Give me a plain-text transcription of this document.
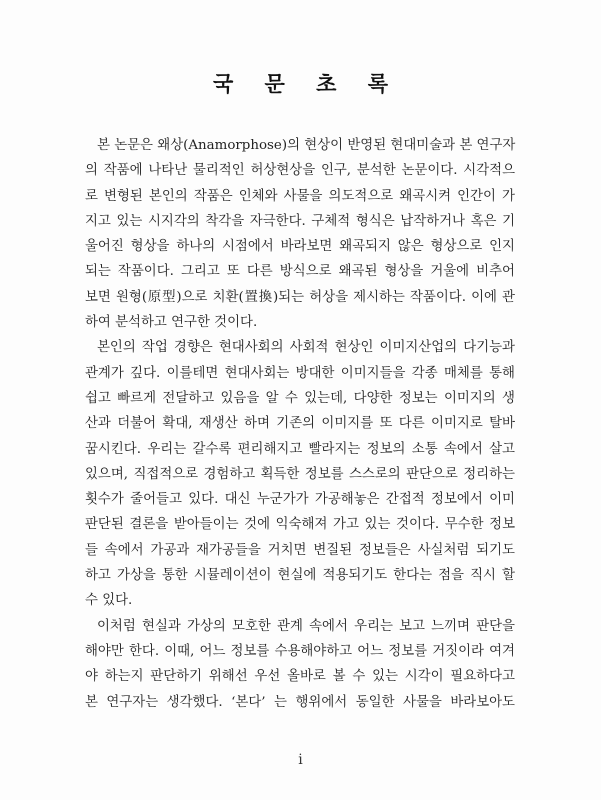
국 문 초 록
본 논문은 왜상(Anamorphose)의 현상이 반영된 현대미술과 본 연구자
의 작품에 나타난 물리적인 허상현상을 인구, 분석한 논문이다. 시각적으
로 변형된 본인의 작품은 인체와 사물을 의도적으로 왜곡시켜 인간이 가
지고 있는 시지각의 착각을 자극한다. 구체적 형식은 납작하거나 혹은 기
울어진 형상을 하나의 시점에서 바라보면 왜곡되지 않은 형상으로 인지
되는 작품이다. 그리고 또 다른 방식으로 왜곡된 형상을 거울에 비추어
보면 원형(原型)으로 치환(置換)되는 허상을 제시하는 작품이다. 이에 관
하여 분석하고 연구한 것이다.
본인의 작업 경향은 현대사회의 사회적 현상인 이미지산업의 다기능과
관계가 깊다. 이를테면 현대사회는 방대한 이미지들을 각종 매체를 통해
쉽고 빠르게 전달하고 있음을 알 수 있는데, 다양한 정보는 이미지의 생
산과 더불어 확대, 재생산 하며 기존의 이미지를 또 다른 이미지로 탈바
꿈시킨다. 우리는 갈수록 편리해지고 빨라지는 정보의 소통 속에서 살고
있으며, 직접적으로 경험하고 획득한 정보를 스스로의 판단으로 정리하는
횟수가 줄어들고 있다. 대신 누군가가 가공해놓은 간접적 정보에서 이미
판단된 결론을 받아들이는 것에 익숙해져 가고 있는 것이다. 무수한 정보
들 속에서 가공과 재가공들을 거치면 변질된 정보들은 사실처럼 되기도
하고 가상을 통한 시뮬레이션이 현실에 적용되기도 한다는 점을 직시 할
수 있다.
이처럼 현실과 가상의 모호한 관계 속에서 우리는 보고 느끼며 판단을
해야만 한다. 이때, 어느 정보를 수용해야하고 어느 정보를 거짓이라 여겨
야 하는지 판단하기 위해선 우선 올바로 볼 수 있는 시각이 필요하다고
본 연구자는 생각했다. ‘본다’ 는 행위에서 동일한 사물을 바라보아도
i
